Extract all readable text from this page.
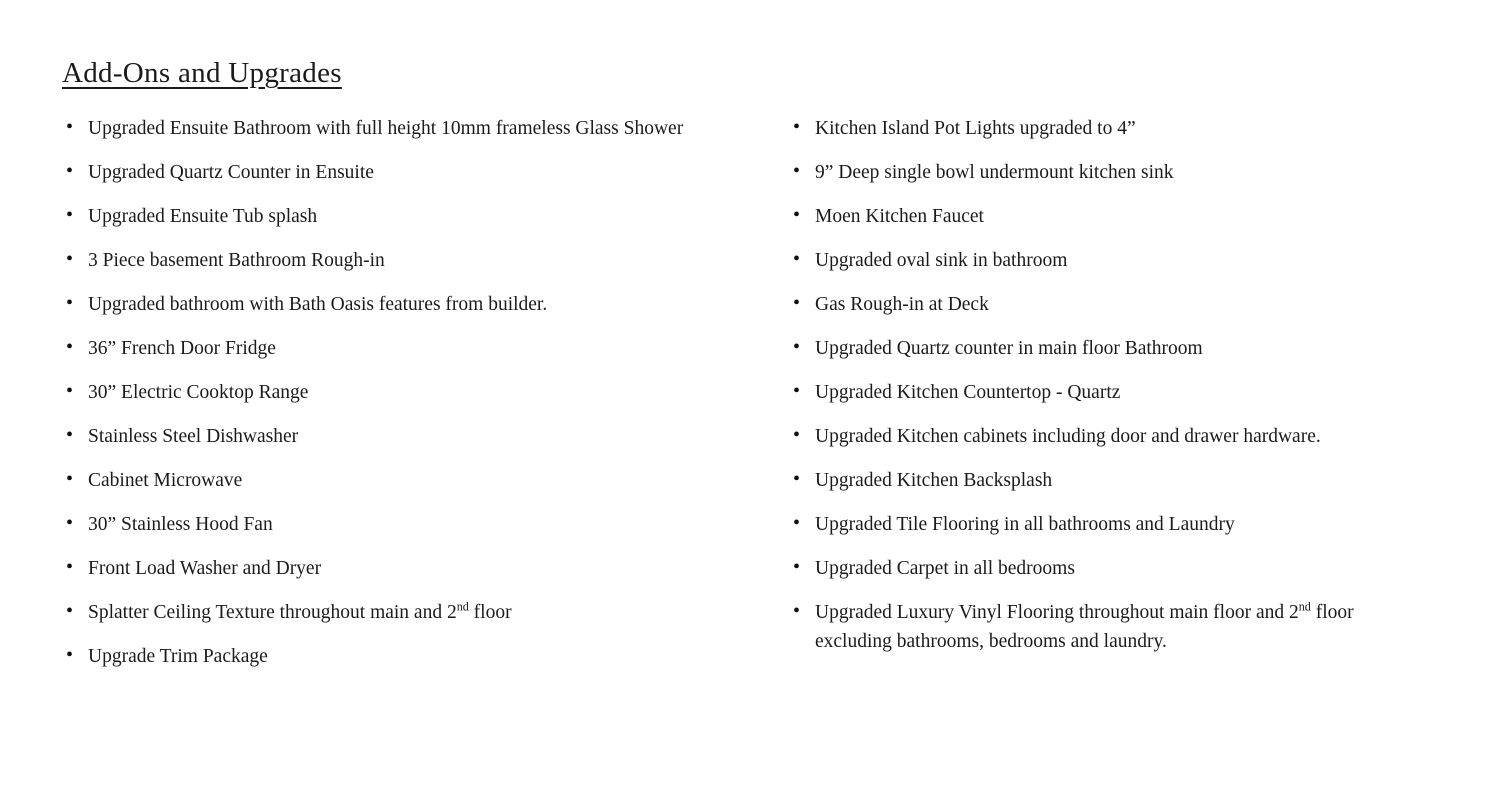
Add-Ons and Upgrades
• Upgraded Ensuite Bathroom with full height 10mm frameless Glass Shower
• Upgraded Quartz Counter in Ensuite
• Upgraded Ensuite Tub splash
• 3 Piece basement Bathroom Rough-in
• Upgraded bathroom with Bath Oasis features from builder.
• 36” French Door Fridge
• 30” Electric Cooktop Range
• Stainless Steel Dishwasher
• Cabinet Microwave
• 30” Stainless Hood Fan
• Front Load Washer and Dryer
• Splatter Ceiling Texture throughout main and 2nd floor
• Upgrade Trim Package
• Kitchen Island Pot Lights upgraded to 4”
• 9” Deep single bowl undermount kitchen sink
• Moen Kitchen Faucet
• Upgraded oval sink in bathroom
• Gas Rough-in at Deck
• Upgraded Quartz counter in main floor Bathroom
• Upgraded Kitchen Countertop - Quartz
• Upgraded Kitchen cabinets including door and drawer hardware.
• Upgraded Kitchen Backsplash
• Upgraded Tile Flooring in all bathrooms and Laundry
• Upgraded Carpet in all bedrooms
• Upgraded Luxury Vinyl Flooring throughout main floor and 2nd floor
excluding bathrooms, bedrooms and laundry.
